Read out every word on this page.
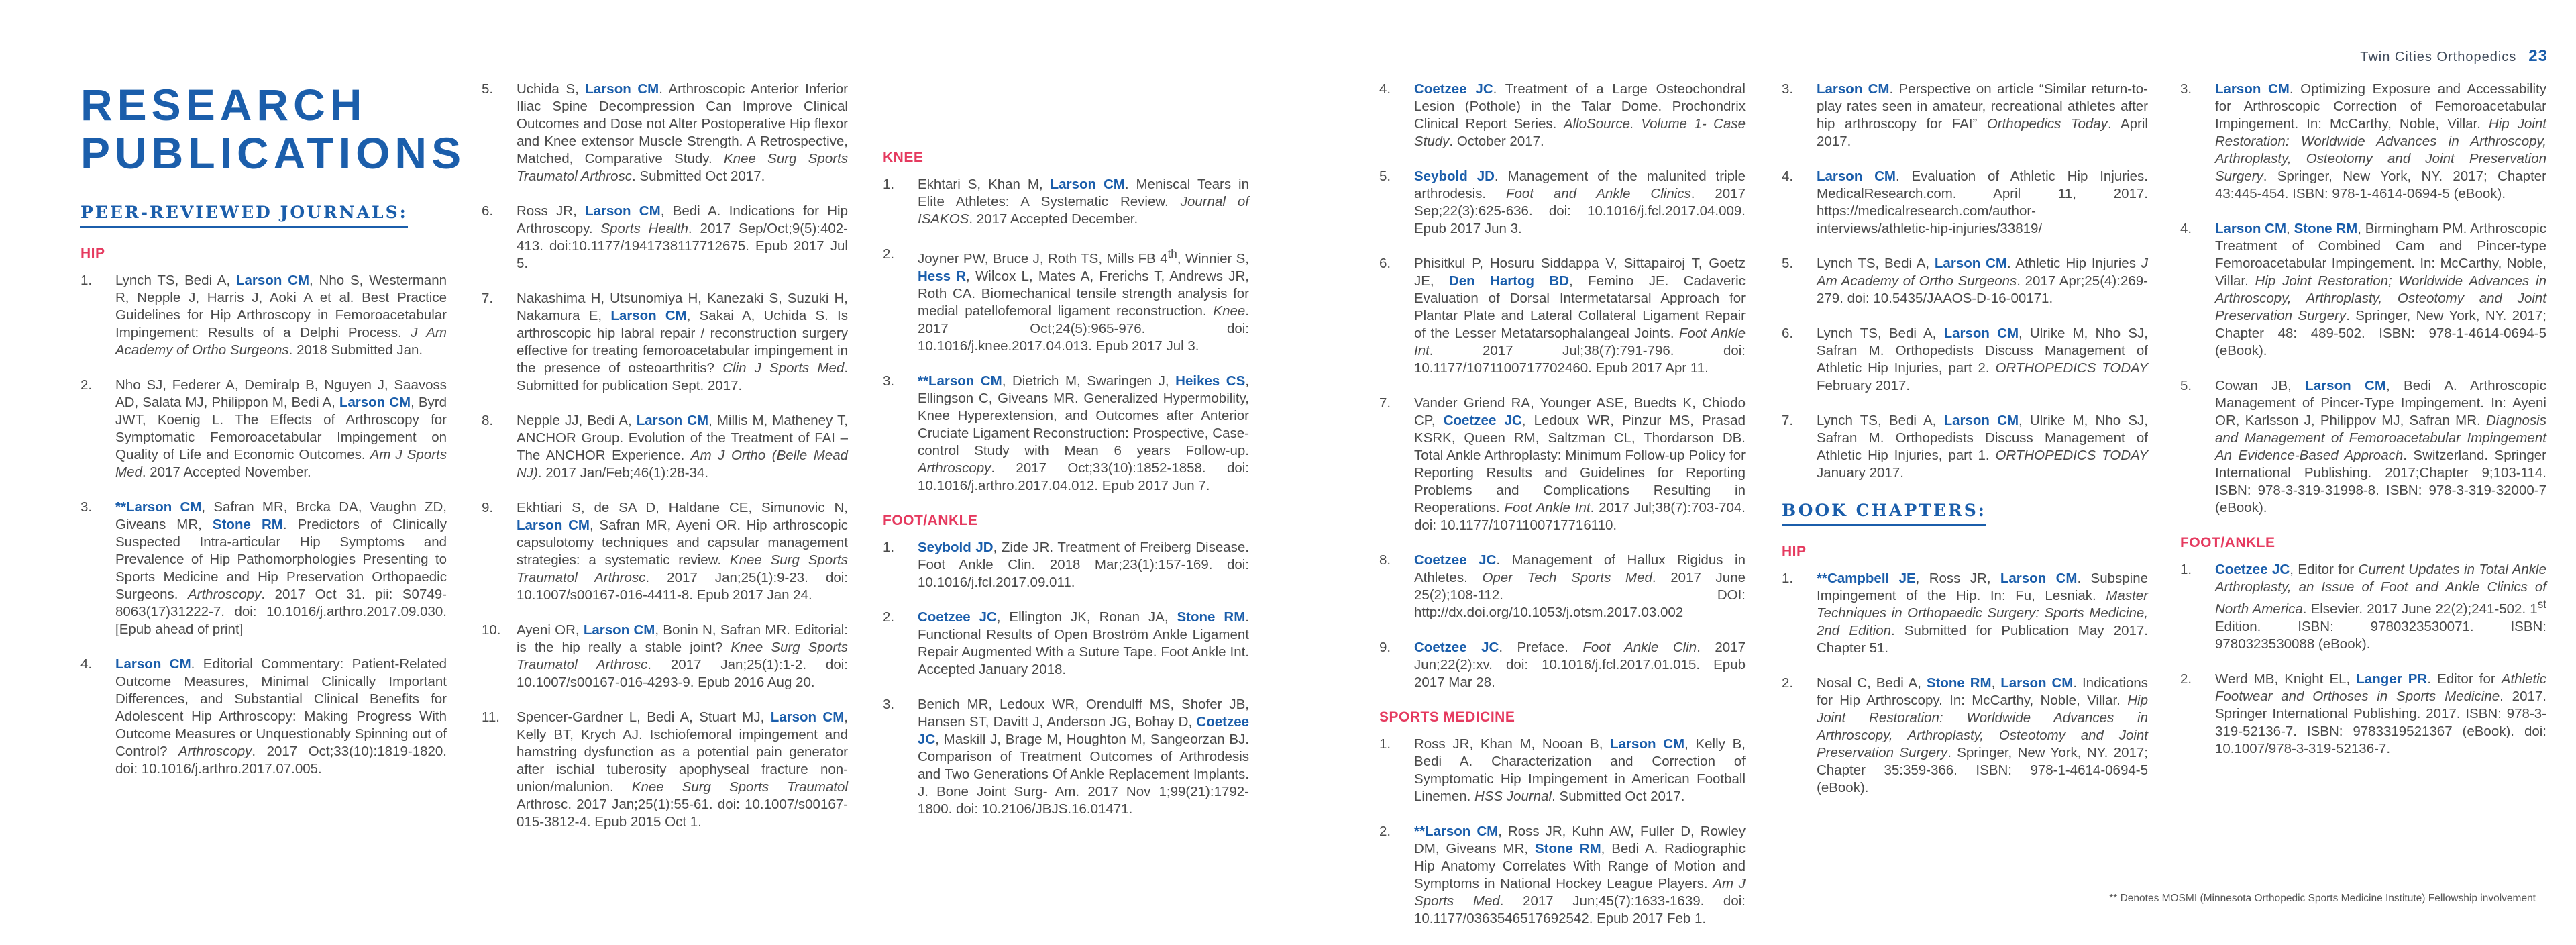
Twin Cities Orthopedics 23
RESEARCH
PUBLICATIONS
PEER-REVIEWED JOURNALS:
HIP
1.	Lynch TS, Bedi A, Larson CM, Nho S, Westermann R, Nepple J, Harris J, Aoki A et al. Best Practice Guidelines for Hip Arthroscopy in Femoroacetabular Impingement: Results of a Delphi Process. J Am Academy of Ortho Surgeons. 2018 Submitted Jan.
2.	Nho SJ, Federer A, Demiralp B, Nguyen J, Saavoss AD, Salata MJ, Philippon M, Bedi A, Larson CM, Byrd JWT, Koenig L. The Effects of Arthroscopy for Symptomatic Femoroacetabular Impingement on Quality of Life and Economic Outcomes. Am J Sports Med. 2017 Accepted November.
3.	**Larson CM, Safran MR, Brcka DA, Vaughn ZD, Giveans MR, Stone RM. Predictors of Clinically Suspected Intra-articular Hip Symptoms and Prevalence of Hip Pathomorphologies Presenting to Sports Medicine and Hip Preservation Orthopaedic Surgeons. Arthroscopy. 2017 Oct 31. pii: S0749-8063(17)31222-7. doi: 10.1016/j.arthro.2017.09.030. [Epub ahead of print]
4.	Larson CM. Editorial Commentary: Patient-Related Outcome Measures, Minimal Clinically Important Differences, and Substantial Clinical Benefits for Adolescent Hip Arthroscopy: Making Progress With Outcome Measures or Unquestionably Spinning out of Control? Arthroscopy. 2017 Oct;33(10):1819-1820. doi: 10.1016/j.arthro.2017.07.005.
5.	Uchida S, Larson CM. Arthroscopic Anterior Inferior Iliac Spine Decompression Can Improve Clinical Outcomes and Dose not Alter Postoperative Hip flexor and Knee extensor Muscle Strength. A Retrospective, Matched, Comparative Study. Knee Surg Sports Traumatol Arthrosc. Submitted Oct 2017.
6.	Ross JR, Larson CM, Bedi A. Indications for Hip Arthroscopy. Sports Health. 2017 Sep/Oct;9(5):402-413. doi:10.1177/1941738117712675. Epub 2017 Jul 5.
7.	Nakashima H, Utsunomiya H, Kanezaki S, Suzuki H, Nakamura E, Larson CM, Sakai A, Uchida S. Is arthroscopic hip labral repair / reconstruction surgery effective for treating femoroacetabular impingement in the presence of osteoarthritis? Clin J Sports Med. Submitted for publication Sept. 2017.
8.	Nepple JJ, Bedi A, Larson CM, Millis M, Matheney T, ANCHOR Group. Evolution of the Treatment of FAI – The ANCHOR Experience. Am J Ortho (Belle Mead NJ). 2017 Jan/Feb;46(1):28-34.
9.	Ekhtiari S, de SA D, Haldane CE, Simunovic N, Larson CM, Safran MR, Ayeni OR. Hip arthroscopic capsulotomy techniques and capsular management strategies: a systematic review. Knee Surg Sports Traumatol Arthrosc. 2017 Jan;25(1):9-23. doi: 10.1007/s00167-016-4411-8. Epub 2017 Jan 24.
10.	Ayeni OR, Larson CM, Bonin N, Safran MR. Editorial: is the hip really a stable joint? Knee Surg Sports Traumatol Arthrosc. 2017 Jan;25(1):1-2. doi: 10.1007/s00167-016-4293-9. Epub 2016 Aug 20.
11.	Spencer-Gardner L, Bedi A, Stuart MJ, Larson CM, Kelly BT, Krych AJ. Ischiofemoral impingement and hamstring dysfunction as a potential pain generator after ischial tuberosity apophyseal fracture non-union/malunion. Knee Surg Sports Traumatol Arthrosc. 2017 Jan;25(1):55-61. doi: 10.1007/s00167-015-3812-4. Epub 2015 Oct 1.
KNEE
1.	Ekhtari S, Khan M, Larson CM. Meniscal Tears in Elite Athletes: A Systematic Review. Journal of ISAKOS. 2017 Accepted December.
2.	Joyner PW, Bruce J, Roth TS, Mills FB 4th, Winnier S, Hess R, Wilcox L, Mates A, Frerichs T, Andrews JR, Roth CA. Biomechanical tensile strength analysis for medial patellofemoral ligament reconstruction. Knee. 2017 Oct;24(5):965-976. doi: 10.1016/j.knee.2017.04.013. Epub 2017 Jul 3.
3.	**Larson CM, Dietrich M, Swaringen J, Heikes CS, Ellingson C, Giveans MR. Generalized Hypermobility, Knee Hyperextension, and Outcomes after Anterior Cruciate Ligament Reconstruction: Prospective, Case-control Study with Mean 6 years Follow-up. Arthroscopy. 2017 Oct;33(10):1852-1858. doi: 10.1016/j.arthro.2017.04.012. Epub 2017 Jun 7.
FOOT/ANKLE
1.	Seybold JD, Zide JR. Treatment of Freiberg Disease. Foot Ankle Clin. 2018 Mar;23(1):157-169. doi: 10.1016/j.fcl.2017.09.011.
2.	Coetzee JC, Ellington JK, Ronan JA, Stone RM. Functional Results of Open Broström Ankle Ligament Repair Augmented With a Suture Tape. Foot Ankle Int. Accepted January 2018.
3.	Benich MR, Ledoux WR, Orendulff MS, Shofer JB, Hansen ST, Davitt J, Anderson JG, Bohay D, Coetzee JC, Maskill J, Brage M, Houghton M, Sangeorzan BJ. Comparison of Treatment Outcomes of Arthrodesis and Two Generations Of Ankle Replacement Implants. J. Bone Joint Surg- Am. 2017 Nov 1;99(21):1792-1800. doi: 10.2106/JBJS.16.01471.
4.	Coetzee JC. Treatment of a Large Osteochondral Lesion (Pothole) in the Talar Dome. Prochondrix Clinical Report Series. AlloSource. Volume 1- Case Study. October 2017.
5.	Seybold JD. Management of the malunited triple arthrodesis. Foot and Ankle Clinics. 2017 Sep;22(3):625-636. doi: 10.1016/j.fcl.2017.04.009. Epub 2017 Jun 3.
6.	Phisitkul P, Hosuru Siddappa V, Sittapairoj T, Goetz JE, Den Hartog BD, Femino JE. Cadaveric Evaluation of Dorsal Intermetatarsal Approach for Plantar Plate and Lateral Collateral Ligament Repair of the Lesser Metatarsophalangeal Joints. Foot Ankle Int. 2017 Jul;38(7):791-796. doi: 10.1177/1071100717702460. Epub 2017 Apr 11.
7.	Vander Griend RA, Younger ASE, Buedts K, Chiodo CP, Coetzee JC, Ledoux WR, Pinzur MS, Prasad KSRK, Queen RM, Saltzman CL, Thordarson DB. Total Ankle Arthroplasty: Minimum Follow-up Policy for Reporting Results and Guidelines for Reporting Problems and Complications Resulting in Reoperations. Foot Ankle Int. 2017 Jul;38(7):703-704. doi: 10.1177/1071100717716110.
8.	Coetzee JC. Management of Hallux Rigidus in Athletes. Oper Tech Sports Med. 2017 June 25(2);108-112. DOI: http://dx.doi.org/10.1053/j.otsm.2017.03.002
9.	Coetzee JC. Preface. Foot Ankle Clin. 2017 Jun;22(2):xv. doi: 10.1016/j.fcl.2017.01.015. Epub 2017 Mar 28.
SPORTS MEDICINE
1.	Ross JR, Khan M, Nooan B, Larson CM, Kelly B, Bedi A. Characterization and Correction of Symptomatic Hip Impingement in American Football Linemen. HSS Journal. Submitted Oct 2017.
2.	**Larson CM, Ross JR, Kuhn AW, Fuller D, Rowley DM, Giveans MR, Stone RM, Bedi A. Radiographic Hip Anatomy Correlates With Range of Motion and Symptoms in National Hockey League Players. Am J Sports Med. 2017 Jun;45(7):1633-1639. doi: 10.1177/0363546517692542. Epub 2017 Feb 1.
3.	Larson CM. Perspective on article “Similar return-to-play rates seen in amateur, recreational athletes after hip arthroscopy for FAI” Orthopedics Today. April 2017.
4.	Larson CM. Evaluation of Athletic Hip Injuries. MedicalResearch.com. April 11, 2017. https://medicalresearch.com/author-interviews/athletic-hip-injuries/33819/
5.	Lynch TS, Bedi A, Larson CM. Athletic Hip Injuries J Am Academy of Ortho Surgeons. 2017 Apr;25(4):269-279. doi: 10.5435/JAAOS-D-16-00171.
6.	Lynch TS, Bedi A, Larson CM, Ulrike M, Nho SJ, Safran M. Orthopedists Discuss Management of Athletic Hip Injuries, part 2. ORTHOPEDICS TODAY February 2017.
7.	Lynch TS, Bedi A, Larson CM, Ulrike M, Nho SJ, Safran M. Orthopedists Discuss Management of Athletic Hip Injuries, part 1. ORTHOPEDICS TODAY January 2017.
BOOK CHAPTERS:
HIP
1.	**Campbell JE, Ross JR, Larson CM. Subspine Impingement of the Hip. In: Fu, Lesniak. Master Techniques in Orthopaedic Surgery: Sports Medicine, 2nd Edition. Submitted for Publication May 2017. Chapter 51.
2.	Nosal C, Bedi A, Stone RM, Larson CM. Indications for Hip Arthroscopy. In: McCarthy, Noble, Villar. Hip Joint Restoration: Worldwide Advances in Arthroscopy, Arthroplasty, Osteotomy and Joint Preservation Surgery. Springer, New York, NY. 2017; Chapter 35:359-366. ISBN: 978-1-4614-0694-5 (eBook).
3.	Larson CM. Optimizing Exposure and Accessability for Arthroscopic Correction of Femoroacetabular Impingement. In: McCarthy, Noble, Villar. Hip Joint Restoration: Worldwide Advances in Arthroscopy, Arthroplasty, Osteotomy and Joint Preservation Surgery. Springer, New York, NY. 2017; Chapter 43:445-454. ISBN: 978-1-4614-0694-5 (eBook).
4.	Larson CM, Stone RM, Birmingham PM. Arthroscopic Treatment of Combined Cam and Pincer-type Femoroacetabular Impingement. In: McCarthy, Noble, Villar. Hip Joint Restoration; Worldwide Advances in Arthroscopy, Arthroplasty, Osteotomy and Joint Preservation Surgery. Springer, New York, NY. 2017; Chapter 48: 489-502. ISBN: 978-1-4614-0694-5 (eBook).
5.	Cowan JB, Larson CM, Bedi A. Arthroscopic Management of Pincer-Type Impingement. In: Ayeni OR, Karlsson J, Philippov MJ, Safran MR. Diagnosis and Management of Femoroacetabular Impingement An Evidence-Based Approach. Switzerland. Springer International Publishing. 2017;Chapter 9;103-114. ISBN: 978-3-319-31998-8. ISBN: 978-3-319-32000-7 (eBook).
FOOT/ANKLE
1.	Coetzee JC, Editor for Current Updates in Total Ankle Arthroplasty, an Issue of Foot and Ankle Clinics of North America. Elsevier. 2017 June 22(2);241-502. 1st Edition. ISBN: 9780323530071. ISBN: 9780323530088 (eBook).
2.	Werd MB, Knight EL, Langer PR. Editor for Athletic Footwear and Orthoses in Sports Medicine. 2017. Springer International Publishing. 2017. ISBN: 978-3-319-52136-7. ISBN: 9783319521367 (eBook). doi: 10.1007/978-3-319-52136-7.
** Denotes MOSMI (Minnesota Orthopedic Sports Medicine Institute) Fellowship involvement
